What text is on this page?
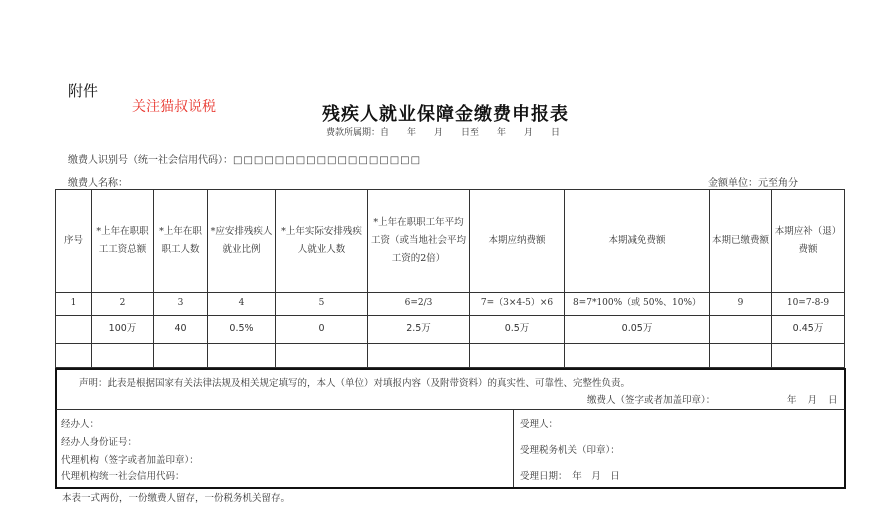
附件
关注猫叔说税	残疾人就业保障金缴费申报表
费款所属期：自　　年　　月　　日至　　年　　月　　日
缴费人识别号（统一社会信用代码）：□□□□□□□□□□□□□□□□□□
缴费人名称：	金额单位：元至角分
序号	*上年在职职工工资总额	*上年在职职工人数	*应安排残疾人就业比例	*上年实际安排残疾人就业人数	*上年在职职工年平均工资（或当地社会平均工资的2倍）	本期应纳费额	本期减免费额	本期已缴费额	本期应补（退）费额
1	2	3	4	5	6=2/3	7=（3×4-5）×6	8=7*100%（或 50%、10%）	9	10=7-8-9
	100万	40	0.5%	0	2.5万	0.5万	0.05万		0.45万

声明：此表是根据国家有关法律法规及相关规定填写的，本人（单位）对填报内容（及附带资料）的真实性、可靠性、完整性负责。
缴费人（签字或者加盖印章）：	年 月 日
经办人：
经办人身份证号：
代理机构（签字或者加盖印章）：
代理机构统一社会信用代码：
受理人：
受理税务机关（印章）：
受理日期：　年　月　日
本表一式两份，一份缴费人留存，一份税务机关留存。
